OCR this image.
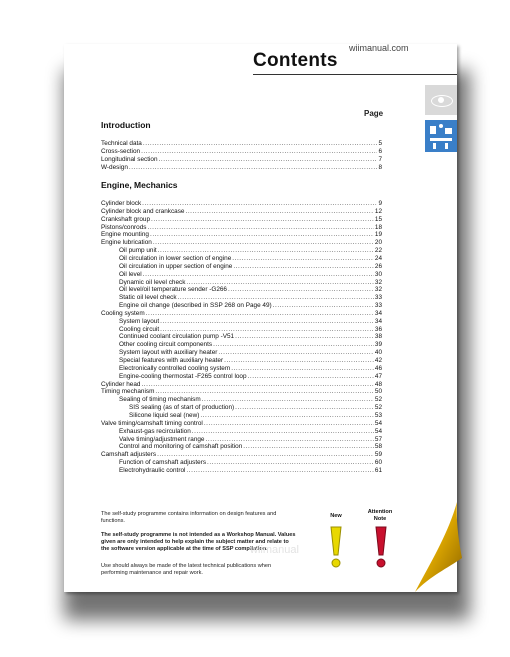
wiimanual.com
Contents
Page
Introduction
Technical data . . .	5
Cross-section . . .	6
Longitudinal section . . .	7
W-design . . .	8
Engine, Mechanics
Cylinder block . . .	9
Cylinder block and crankcase . . .	12
Crankshaft group . . .	15
Pistons/conrods . . .	18
Engine mounting . . .	19
Engine lubrication . . .	20
Oil pump unit . . .	22
Oil circulation in lower section of engine . . .	24
Oil circulation in upper section of engine . . .	26
Oil level . . .	30
Dynamic oil level check . . .	32
Oil level/oil temperature sender -G266 . . .	32
Static oil level check . . .	33
Engine oil change (described in SSP 268 on Page 49) . . .	33
Cooling system . . .	34
System layout . . .	34
Cooling circuit . . .	36
Continued coolant circulation pump -V51 . . .	38
Other cooling circuit components . . .	39
System layout with auxiliary heater . . .	40
Special features with auxiliary heater . . .	42
Electronically controlled cooling system . . .	46
Engine-cooling thermostat -F265 control loop . . .	47
Cylinder head . . .	48
Timing mechanism . . .	50
Sealing of timing mechanism . . .	52
SIS sealing (as of start of production) . . .	52
Silicone liquid seal (new) . . .	53
Valve timing/camshaft timing control . . .	54
Exhaust-gas recirculation . . .	54
Valve timing/adjustment range . . .	57
Control and monitoring of camshaft position . . .	58
Camshaft adjusters . . .	59
Function of camshaft adjusters . . .	60
Electrohydraulic control . . .	61
The self-study programme contains information on design features and functions.
The self-study programme is not intended as a Workshop Manual. Values given are only intended to help explain the subject matter and relate to the software version applicable at the time of SSP compilation.
Use should always be made of the latest technical publications when performing maintenance and repair work.
wiimanual
New
Attention Note
